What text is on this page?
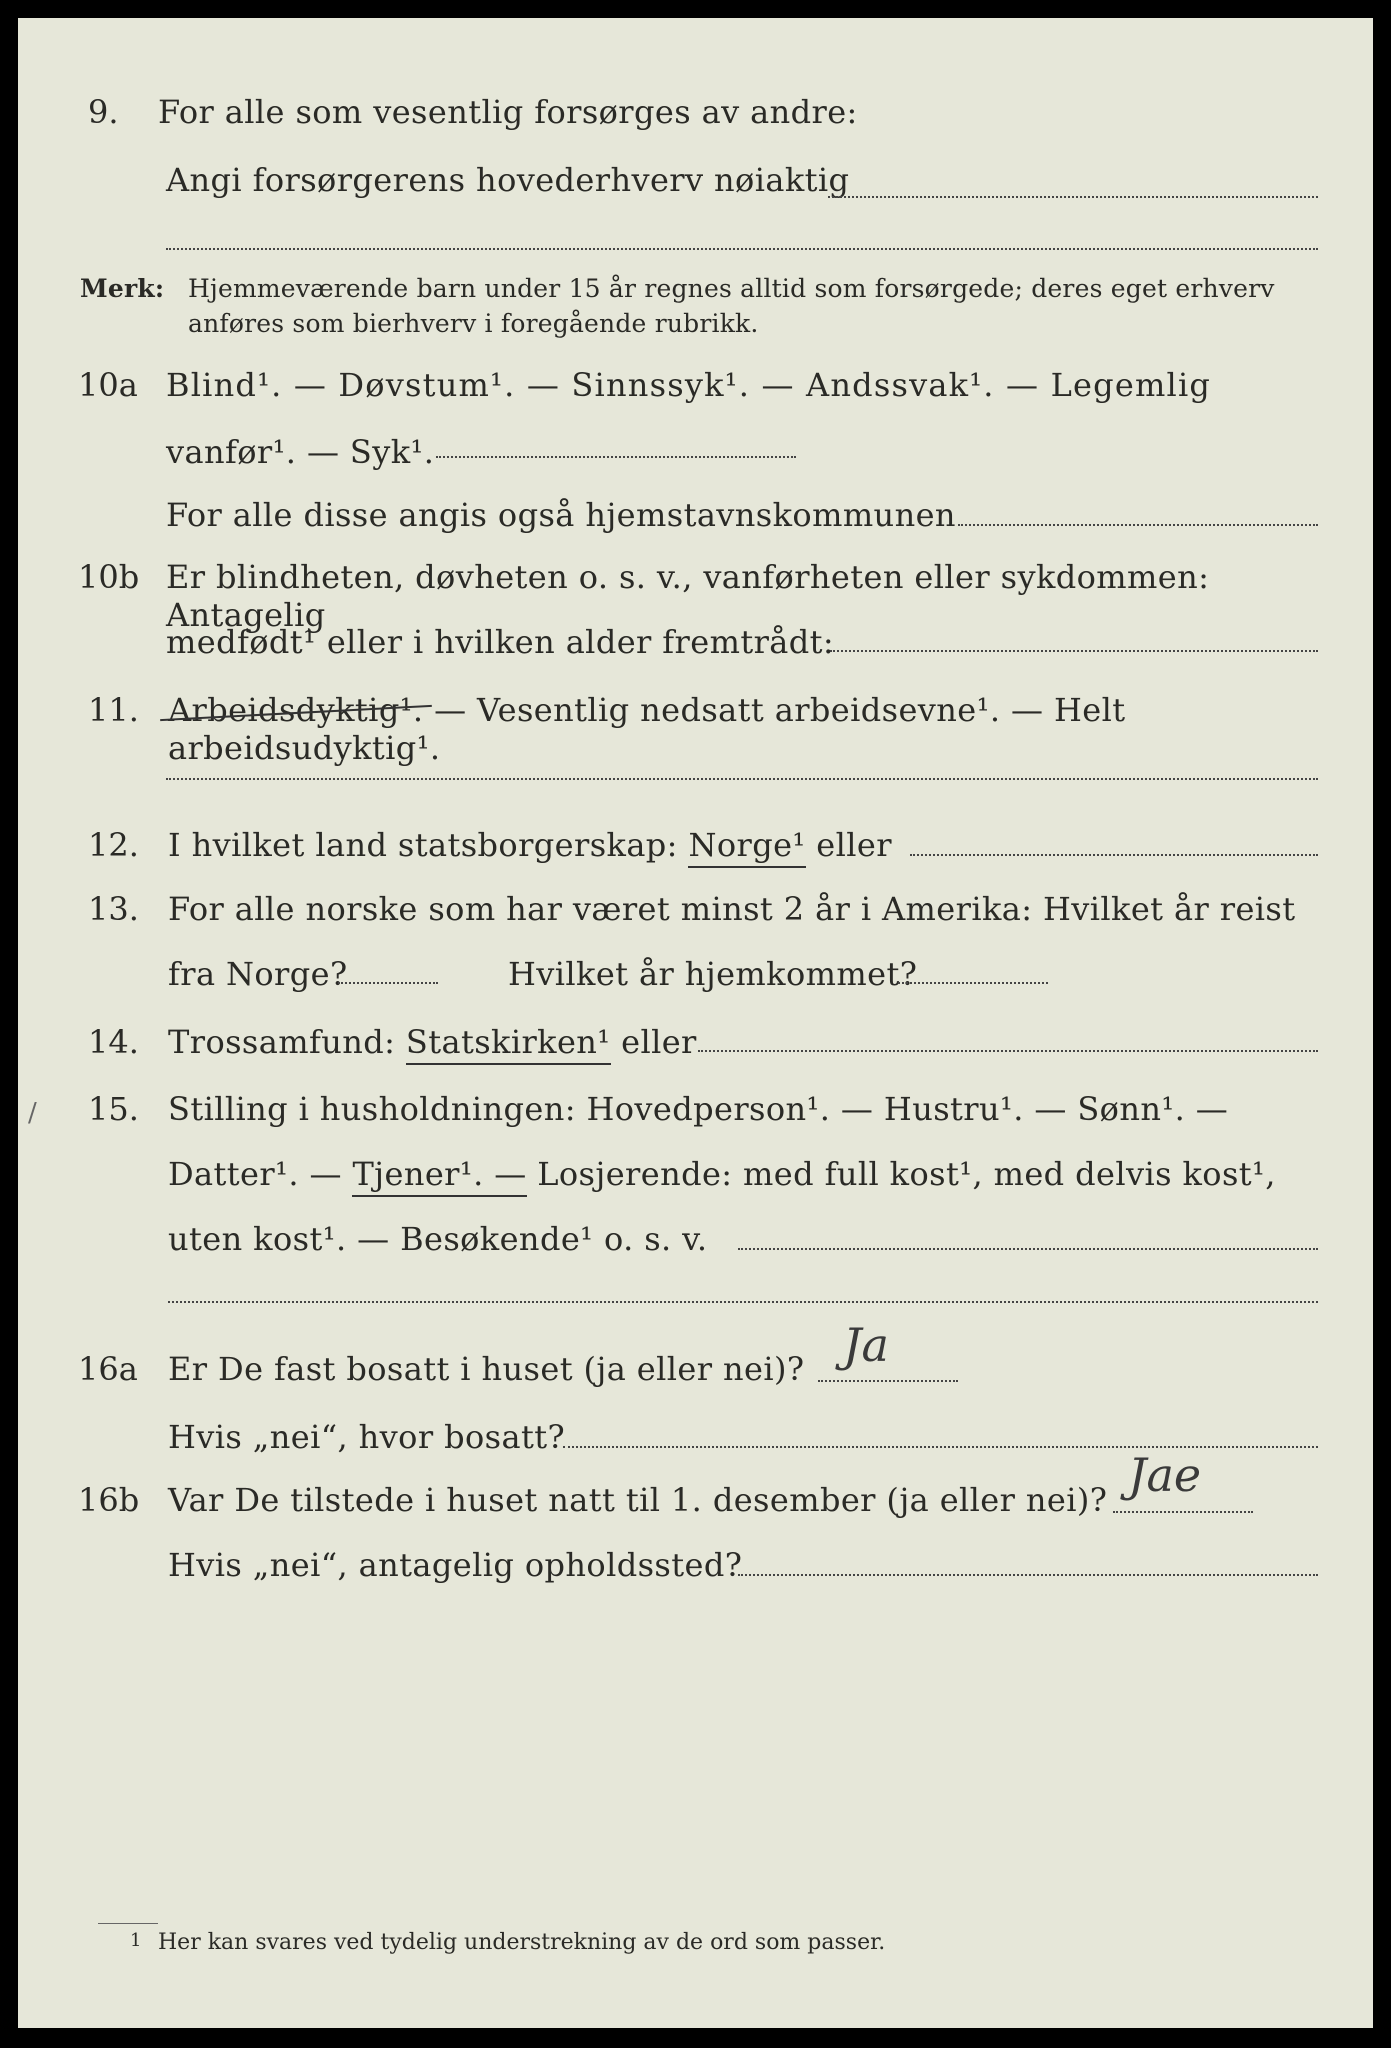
9. For alle som vesentlig forsørges av andre:
Angi forsørgerens hovederhverv nøiaktig
Merk: Hjemmeværende barn under 15 år regnes alltid som forsørgede; deres eget erhverv
anføres som bierhverv i foregående rubrikk.
10a Blind¹. — Døvstum¹. — Sinnssyk¹. — Andssvak¹. — Legemlig
vanfør¹. — Syk¹.
For alle disse angis også hjemstavnskommunen
10b Er blindheten, døvheten o. s. v., vanførheten eller sykdommen: Antagelig
medfødt¹ eller i hvilken alder fremtrådt:
11. Arbeidsdyktig¹. — Vesentlig nedsatt arbeidsevne¹. — Helt arbeidsudyktig¹.
12. I hvilket land statsborgerskap: Norge¹ eller
13. For alle norske som har været minst 2 år i Amerika: Hvilket år reist
fra Norge?	Hvilket år hjemkommet?
14. Trossamfund: Statskirken¹ eller
/ 15. Stilling i husholdningen: Hovedperson¹. — Hustru¹. — Sønn¹. —
Datter¹. — Tjener¹. — Losjerende: med full kost¹, med delvis kost¹,
uten kost¹. — Besøkende¹ o. s. v.
16a Er De fast bosatt i huset (ja eller nei)? Ja
Hvis „nei“, hvor bosatt?
16b Var De tilstede i huset natt til 1. desember (ja eller nei)? Jae
Hvis „nei“, antagelig opholdssted?
1 Her kan svares ved tydelig understrekning av de ord som passer.
